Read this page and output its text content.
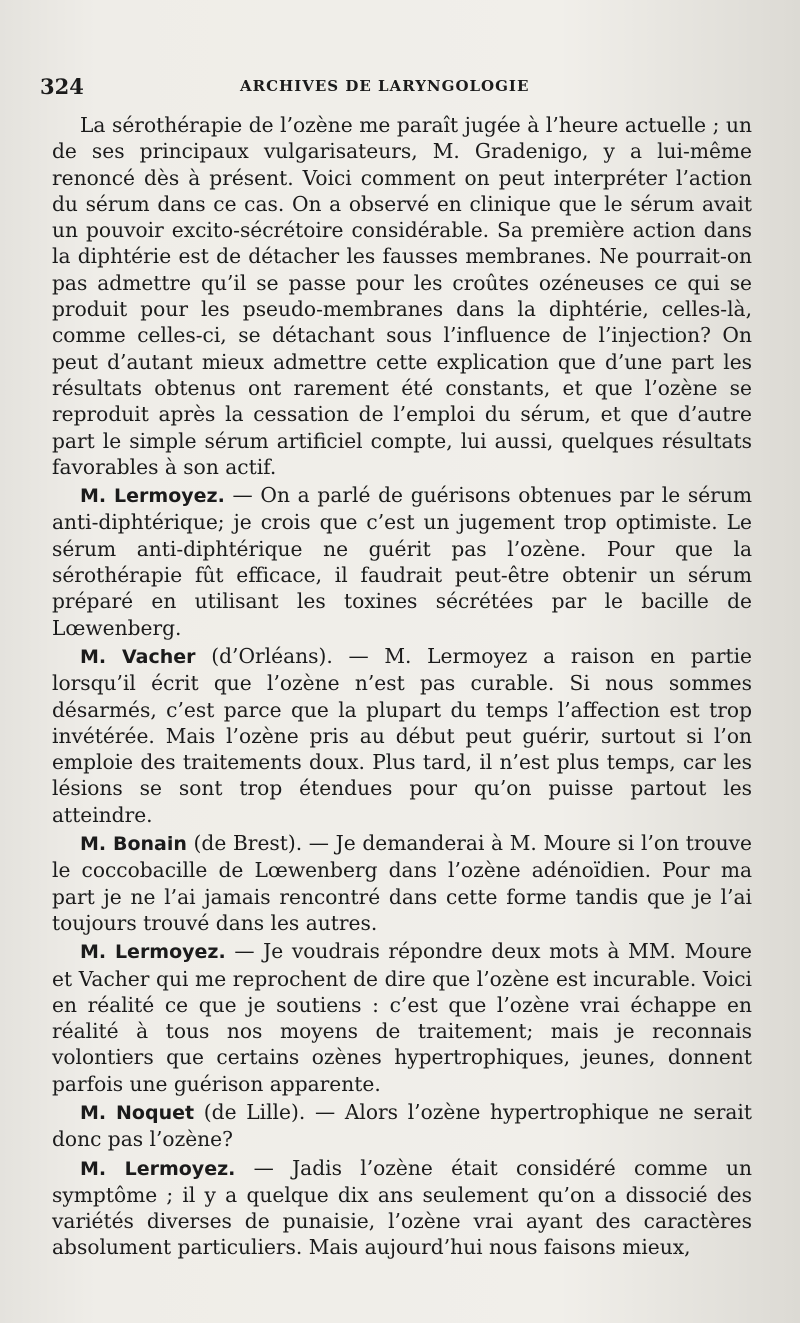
324	ARCHIVES DE LARYNGOLOGIE

La sérothérapie de l’ozène me paraît jugée à l’heure actuelle ; un de ses principaux vulgarisateurs, M. Gradenigo, y a lui-même renoncé dès à présent. Voici comment on peut interpréter l’action du sérum dans ce cas. On a observé en clinique que le sérum avait un pouvoir excito-sécrétoire considérable. Sa première action dans la diphtérie est de détacher les fausses membranes. Ne pourrait-on pas admettre qu’il se passe pour les croûtes ozéneuses ce qui se produit pour les pseudo-membranes dans la diphtérie, celles-là, comme celles-ci, se détachant sous l’influence de l’injection? On peut d’autant mieux admettre cette explication que d’une part les résultats obtenus ont rarement été constants, et que l’ozène se reproduit après la cessation de l’emploi du sérum, et que d’autre part le simple sérum artificiel compte, lui aussi, quelques résultats favorables à son actif.

M. Lermoyez. — On a parlé de guérisons obtenues par le sérum anti-diphtérique; je crois que c’est un jugement trop optimiste. Le sérum anti-diphtérique ne guérit pas l’ozène. Pour que la sérothérapie fût efficace, il faudrait peut-être obtenir un sérum préparé en utilisant les toxines sécrétées par le bacille de Lœwenberg.

M. Vacher (d’Orléans). — M. Lermoyez a raison en partie lorsqu’il écrit que l’ozène n’est pas curable. Si nous sommes désarmés, c’est parce que la plupart du temps l’affection est trop invétérée. Mais l’ozène pris au début peut guérir, surtout si l’on emploie des traitements doux. Plus tard, il n’est plus temps, car les lésions se sont trop étendues pour qu’on puisse partout les atteindre.

M. Bonain (de Brest). — Je demanderai à M. Moure si l’on trouve le coccobacille de Lœwenberg dans l’ozène adénoïdien. Pour ma part je ne l’ai jamais rencontré dans cette forme tandis que je l’ai toujours trouvé dans les autres.

M. Lermoyez. — Je voudrais répondre deux mots à MM. Moure et Vacher qui me reprochent de dire que l’ozène est incurable. Voici en réalité ce que je soutiens : c’est que l’ozène vrai échappe en réalité à tous nos moyens de traitement; mais je reconnais volontiers que certains ozènes hypertrophiques, jeunes, donnent parfois une guérison apparente.

M. Noquet (de Lille). — Alors l’ozène hypertrophique ne serait donc pas l’ozène?

M. Lermoyez. — Jadis l’ozène était considéré comme un symptôme ; il y a quelque dix ans seulement qu’on a dissocié des variétés diverses de punaisie, l’ozène vrai ayant des caractères absolument particuliers. Mais aujourd’hui nous faisons mieux,
